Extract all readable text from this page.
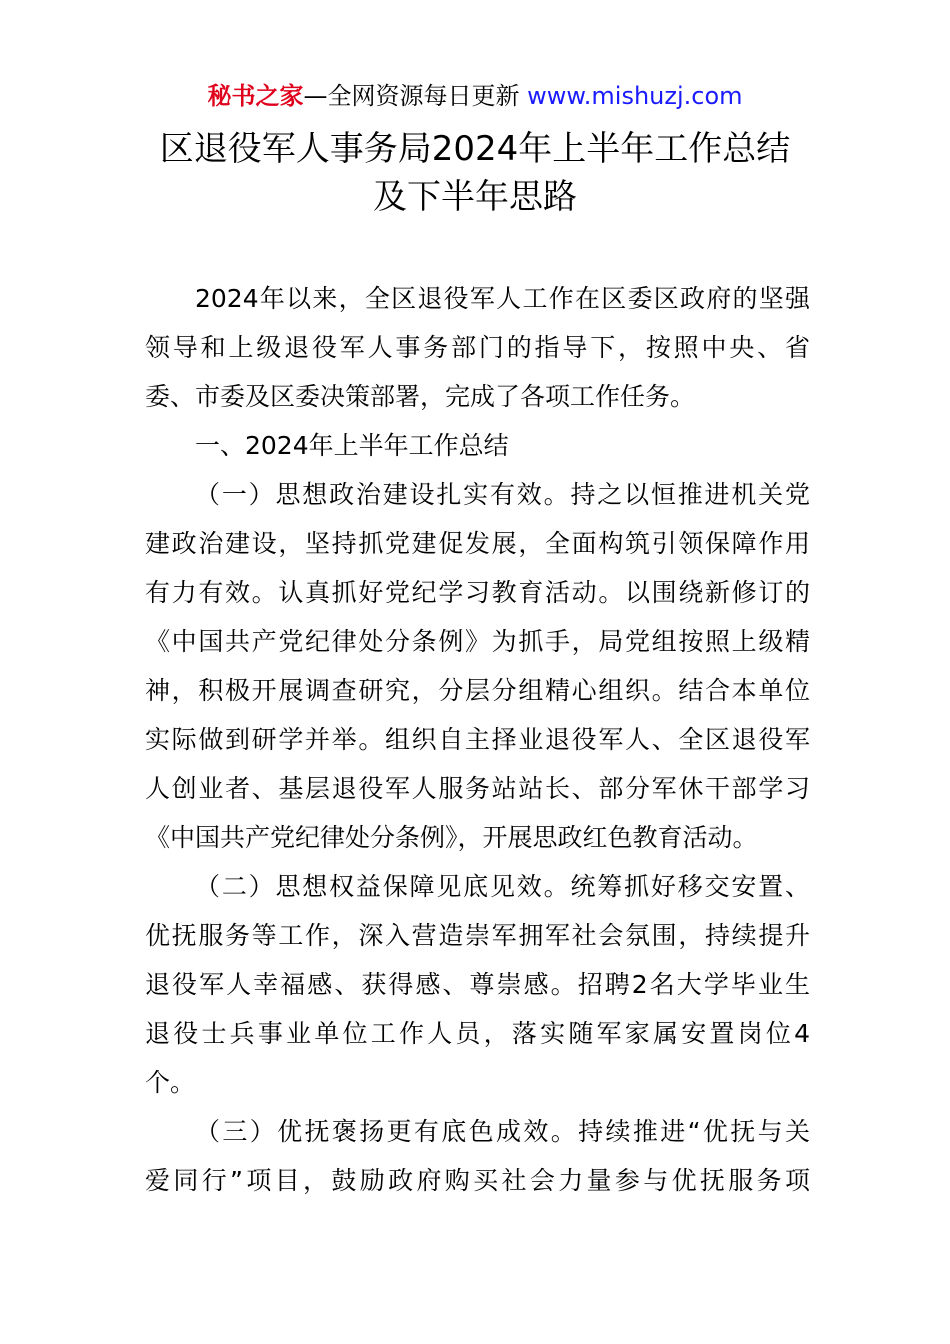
秘书之家—全网资源每日更新 www.mishuzj.com
区退役军人事务局2024年上半年工作总结
及下半年思路
2024年以来，全区退役军人工作在区委区政府的坚强
领导和上级退役军人事务部门的指导下，按照中央、省
委、市委及区委决策部署，完成了各项工作任务。
一、2024年上半年工作总结
（一）思想政治建设扎实有效。持之以恒推进机关党
建政治建设，坚持抓党建促发展，全面构筑引领保障作用
有力有效。认真抓好党纪学习教育活动。以围绕新修订的
《中国共产党纪律处分条例》为抓手，局党组按照上级精
神，积极开展调查研究，分层分组精心组织。结合本单位
实际做到研学并举。组织自主择业退役军人、全区退役军
人创业者、基层退役军人服务站站长、部分军休干部学习
《中国共产党纪律处分条例》，开展思政红色教育活动。
（二）思想权益保障见底见效。统筹抓好移交安置、
优抚服务等工作，深入营造崇军拥军社会氛围，持续提升
退役军人幸福感、获得感、尊崇感。招聘2名大学毕业生
退役士兵事业单位工作人员，落实随军家属安置岗位4
个。
（三）优抚褒扬更有底色成效。持续推进“优抚与关
爱同行”项目，鼓励政府购买社会力量参与优抚服务项
